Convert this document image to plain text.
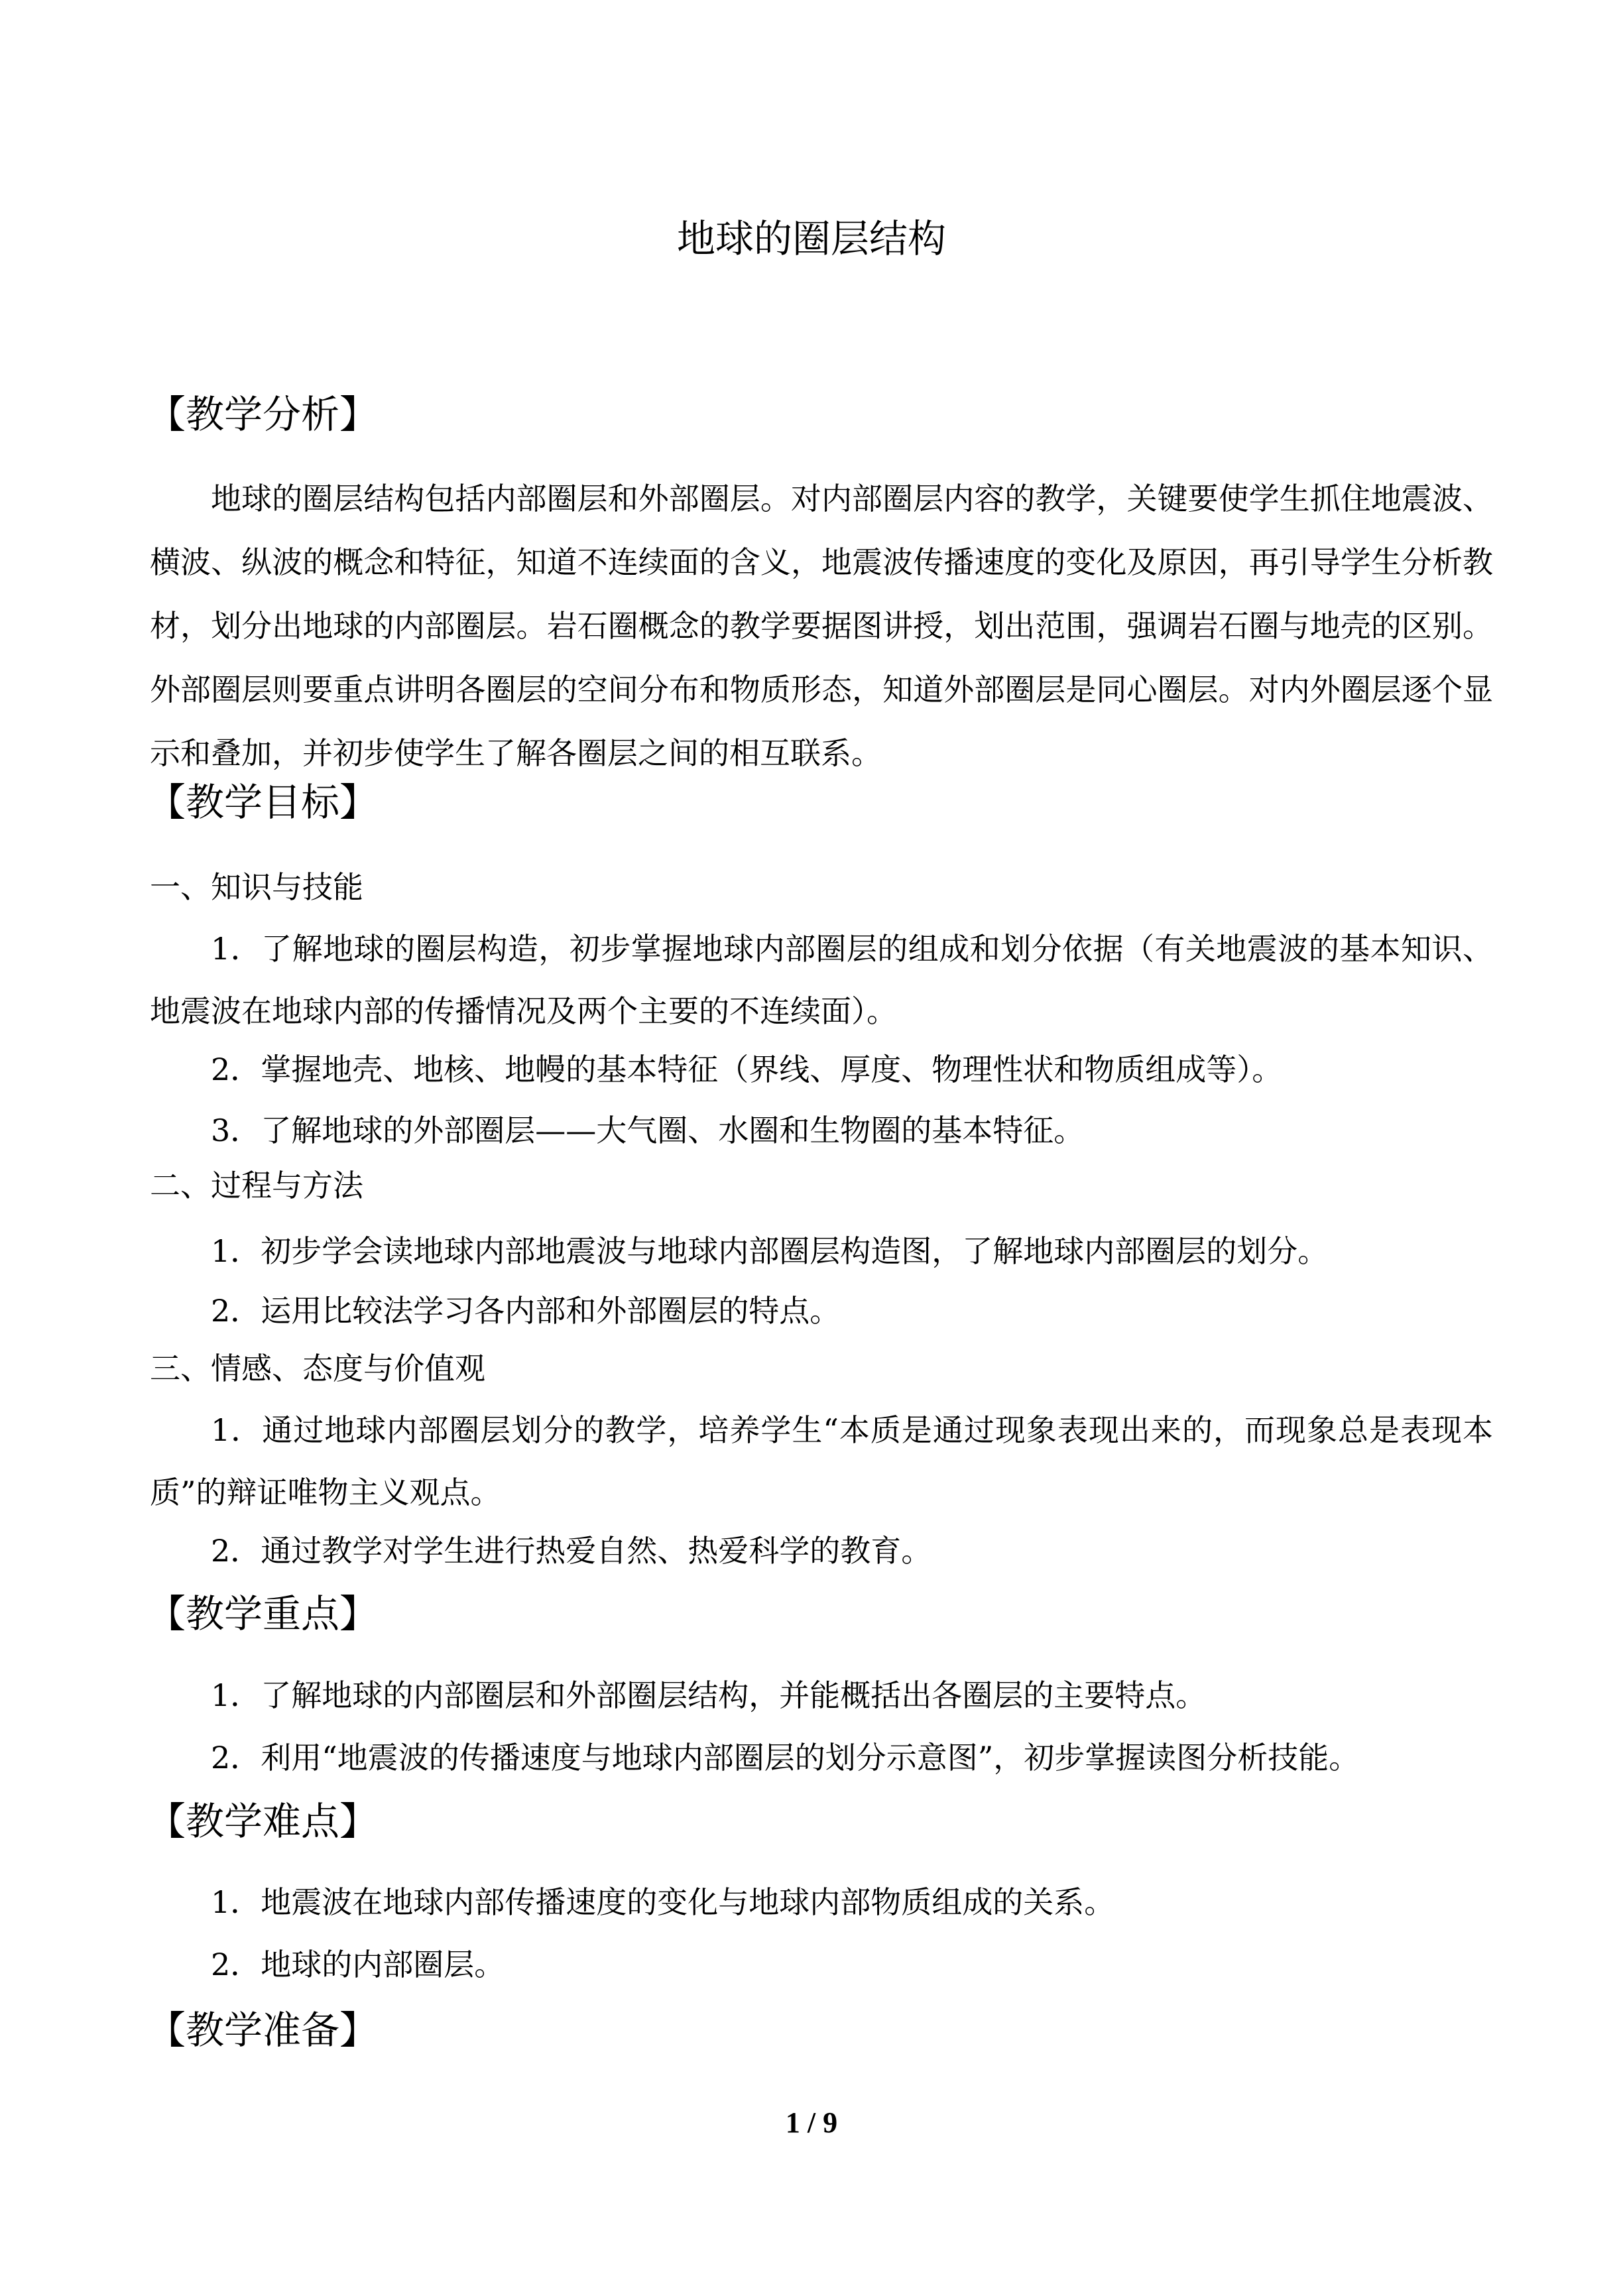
地球的圈层结构
【教学分析】
地球的圈层结构包括内部圈层和外部圈层。对内部圈层内容的教学，关键要使学生抓住地震波、横波、纵波的概念和特征，知道不连续面的含义，地震波传播速度的变化及原因，再引导学生分析教材，划分出地球的内部圈层。岩石圈概念的教学要据图讲授，划出范围，强调岩石圈与地壳的区别。外部圈层则要重点讲明各圈层的空间分布和物质形态，知道外部圈层是同心圈层。对内外圈层逐个显示和叠加，并初步使学生了解各圈层之间的相互联系。
【教学目标】
一、知识与技能
1．了解地球的圈层构造，初步掌握地球内部圈层的组成和划分依据（有关地震波的基本知识、地震波在地球内部的传播情况及两个主要的不连续面）。
2．掌握地壳、地核、地幔的基本特征（界线、厚度、物理性状和物质组成等）。
3．了解地球的外部圈层——大气圈、水圈和生物圈的基本特征。
二、过程与方法
1．初步学会读地球内部地震波与地球内部圈层构造图，了解地球内部圈层的划分。
2．运用比较法学习各内部和外部圈层的特点。
三、情感、态度与价值观
1．通过地球内部圈层划分的教学，培养学生“本质是通过现象表现出来的，而现象总是表现本质”的辩证唯物主义观点。
2．通过教学对学生进行热爱自然、热爱科学的教育。
【教学重点】
1．了解地球的内部圈层和外部圈层结构，并能概括出各圈层的主要特点。
2．利用“地震波的传播速度与地球内部圈层的划分示意图”，初步掌握读图分析技能。
【教学难点】
1．地震波在地球内部传播速度的变化与地球内部物质组成的关系。
2．地球的内部圈层。
【教学准备】
1 / 9
